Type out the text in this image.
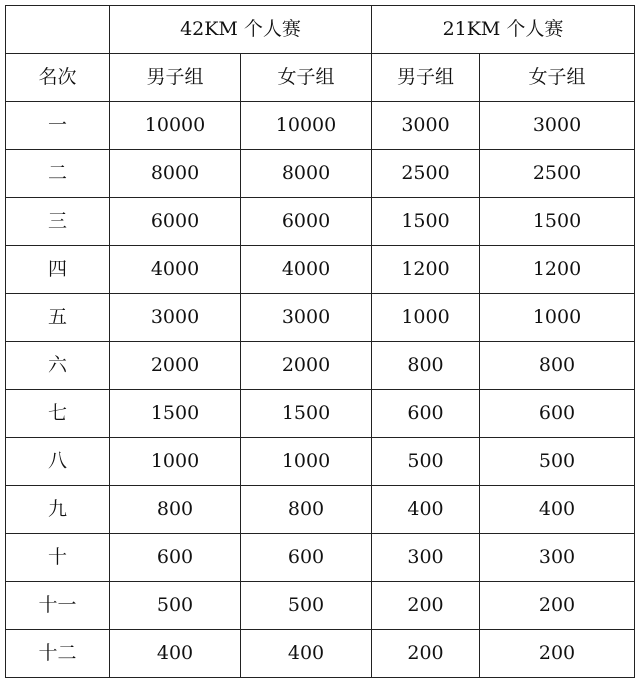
	42KM 个人赛		21KM 个人赛	
名次	男子组	女子组	男子组	女子组
一	10000	10000	3000	3000
二	8000	8000	2500	2500
三	6000	6000	1500	1500
四	4000	4000	1200	1200
五	3000	3000	1000	1000
六	2000	2000	800	800
七	1500	1500	600	600
八	1000	1000	500	500
九	800	800	400	400
十	600	600	300	300
十一	500	500	200	200
十二	400	400	200	200
